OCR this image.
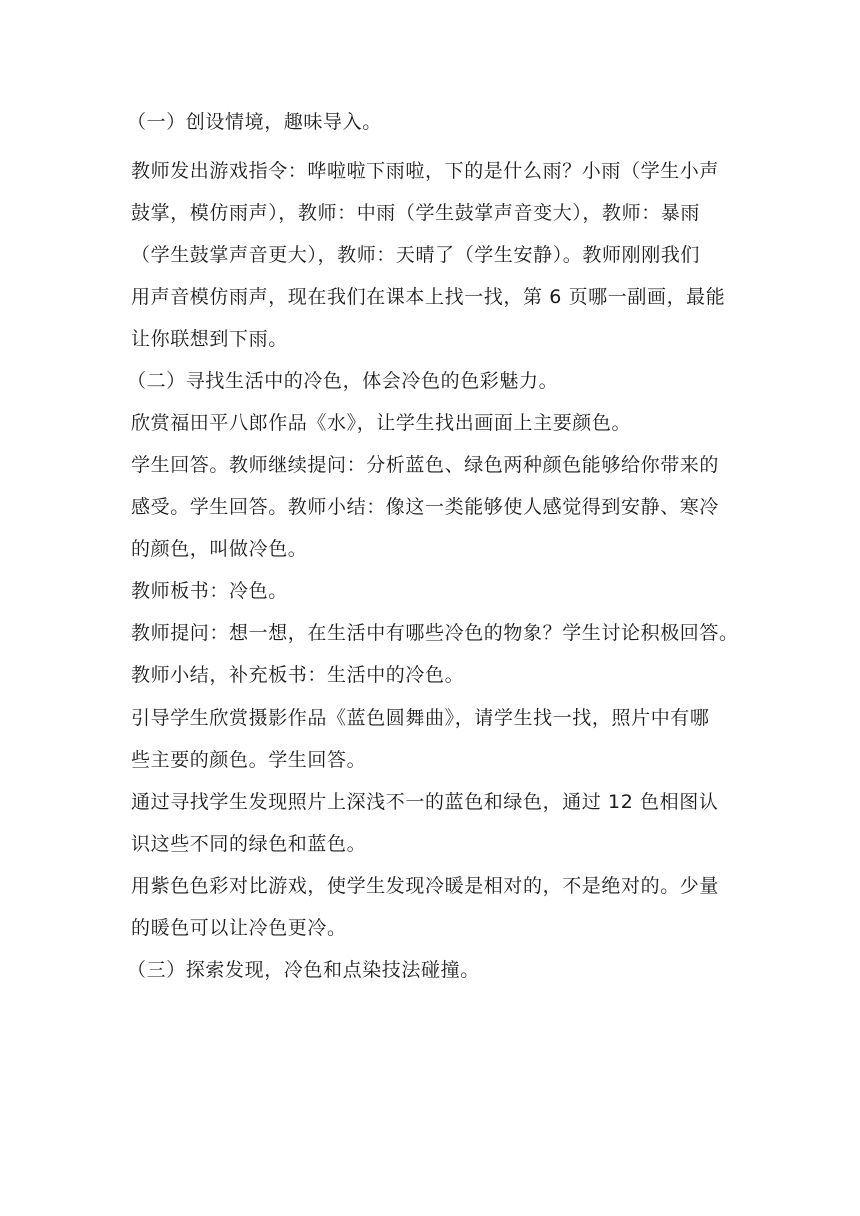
（一）创设情境，趣味导入。
教师发出游戏指令：哗啦啦下雨啦，下的是什么雨？小雨（学生小声
鼓掌，模仿雨声），教师：中雨（学生鼓掌声音变大），教师：暴雨
（学生鼓掌声音更大），教师：天晴了（学生安静）。教师刚刚我们
用声音模仿雨声，现在我们在课本上找一找，第 6 页哪一副画，最能
让你联想到下雨。
（二）寻找生活中的冷色，体会冷色的色彩魅力。
欣赏福田平八郎作品《水》，让学生找出画面上主要颜色。
学生回答。教师继续提问：分析蓝色、绿色两种颜色能够给你带来的
感受。学生回答。教师小结：像这一类能够使人感觉得到安静、寒冷
的颜色，叫做冷色。
教师板书：冷色。
教师提问：想一想，在生活中有哪些冷色的物象？学生讨论积极回答。
教师小结，补充板书：生活中的冷色。
引导学生欣赏摄影作品《蓝色圆舞曲》，请学生找一找，照片中有哪
些主要的颜色。学生回答。
通过寻找学生发现照片上深浅不一的蓝色和绿色，通过 12 色相图认
识这些不同的绿色和蓝色。
用紫色色彩对比游戏，使学生发现冷暖是相对的，不是绝对的。少量
的暖色可以让冷色更冷。
（三）探索发现，冷色和点染技法碰撞。
